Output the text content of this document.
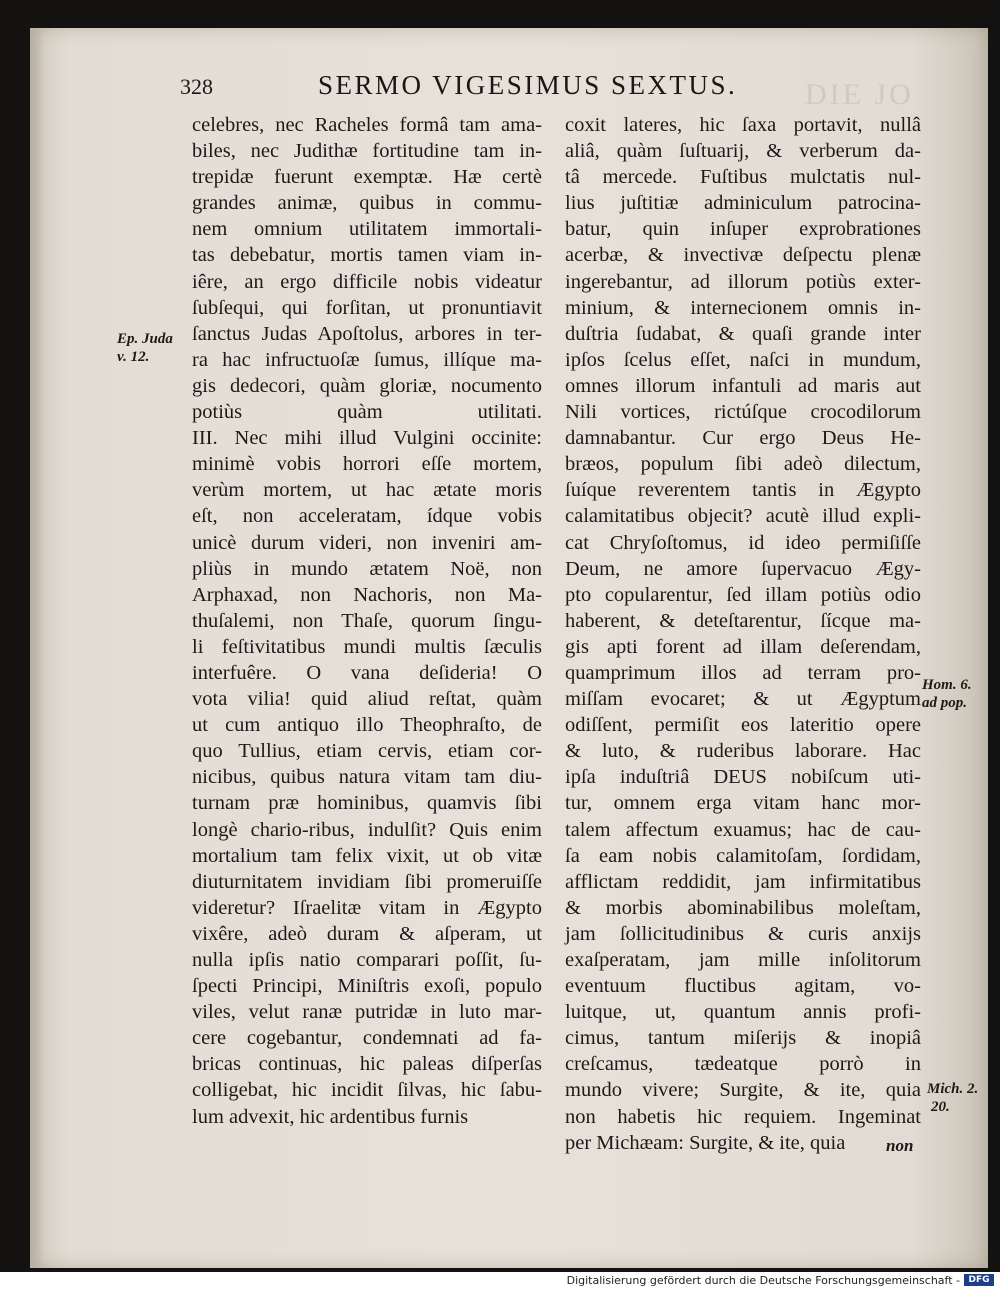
DIE JO
328	SERMO VIGESIMUS SEXTUS.
celebres, nec Racheles formâ tam ama-
biles, nec Judithæ fortitudine tam in-
trepidæ fuerunt exemptæ. Hæ certè
grandes animæ, quibus in commu-
nem omnium utilitatem immortali-
tas debebatur, mortis tamen viam in-
iêre, an ergo difficile nobis videatur
ſubſequi, qui forſitan, ut pronuntiavit
ſanctus Judas Apoſtolus, arbores in ter-
ra hac infructuoſæ ſumus, illíque ma-
gis dedecori, quàm gloriæ, nocumento
potiùs quàm utilitati.
III. Nec mihi illud Vulgini occinite:
minimè vobis horrori eſſe mortem,
verùm mortem, ut hac ætate moris
eſt, non acceleratam, ídque vobis
unicè durum videri, non inveniri am-
pliùs in mundo ætatem Noë, non
Arphaxad, non Nachoris, non Ma-
thuſalemi, non Thaſe, quorum ſingu-
li feſtivitatibus mundi multis ſæculis
interfuêre. O vana deſideria! O
vota vilia! quid aliud reſtat, quàm
ut cum antiquo illo Theophraſto, de
quo Tullius, etiam cervis, etiam cor-
nicibus, quibus natura vitam tam diu-
turnam præ hominibus, quamvis ſibi
longè chario-ribus, indulſit? Quis enim
mortalium tam felix vixit, ut ob vitæ
diuturnitatem invidiam ſibi promeruiſſe
videretur? Iſraelitæ vitam in Ægypto
vixêre, adeò duram & aſperam, ut
nulla ipſis natio comparari poſſit, ſu-
ſpecti Principi, Miniſtris exoſi, populo
viles, velut ranæ putridæ in luto mar-
cere cogebantur, condemnati ad fa-
bricas continuas, hic paleas diſperſas
colligebat, hic incidit ſilvas, hic ſabu-
lum advexit, hic ardentibus furnis
coxit lateres, hic ſaxa portavit, nullâ
aliâ, quàm ſuſtuarij, & verberum da-
tâ mercede. Fuſtibus mulctatis nul-
lius juſtitiæ adminiculum patrocina-
batur, quin inſuper exprobrationes
acerbæ, & invectivæ deſpectu plenæ
ingerebantur, ad illorum potiùs exter-
minium, & internecionem omnis in-
duſtria ſudabat, & quaſi grande inter
ipſos ſcelus eſſet, naſci in mundum,
omnes illorum infantuli ad maris aut
Nili vortices, rictúſque crocodilorum
damnabantur. Cur ergo Deus He-
bræos, populum ſibi adeò dilectum,
ſuíque reverentem tantis in Ægypto
calamitatibus objecit? acutè illud expli-
cat Chryſoſtomus, id ideo permiſiſſe
Deum, ne amore ſupervacuo Ægy-
pto copularentur, ſed illam potiùs odio
haberent, & deteſtarentur, ſícque ma-
gis apti forent ad illam deſerendam,
quamprimum illos ad terram pro-
miſſam evocaret; & ut Ægyptum
odiſſent, permiſit eos lateritio opere
& luto, & ruderibus laborare. Hac
ipſa induſtriâ DEUS nobiſcum uti-
tur, omnem erga vitam hanc mor-
talem affectum exuamus; hac de cau-
ſa eam nobis calamitoſam, ſordidam,
afflictam reddidit, jam infirmitatibus
& morbis abominabilibus moleſtam,
jam ſollicitudinibus & curis anxijs
exaſperatam, jam mille inſolitorum
eventuum fluctibus agitam, vo-
luitque, ut, quantum annis profi-
cimus, tantum miſerijs & inopiâ
creſcamus, tædeatque porrò in
mundo vivere; Surgite, & ite, quia
non habetis hic requiem. Ingeminat
per Michæam: Surgite, & ite, quia
Ep. Juda
v. 12.
Hom. 6.
ad pop.
Mich. 2.
20.
non
Digitalisierung gefördert durch die Deutsche Forschungsgemeinschaft - DFG
